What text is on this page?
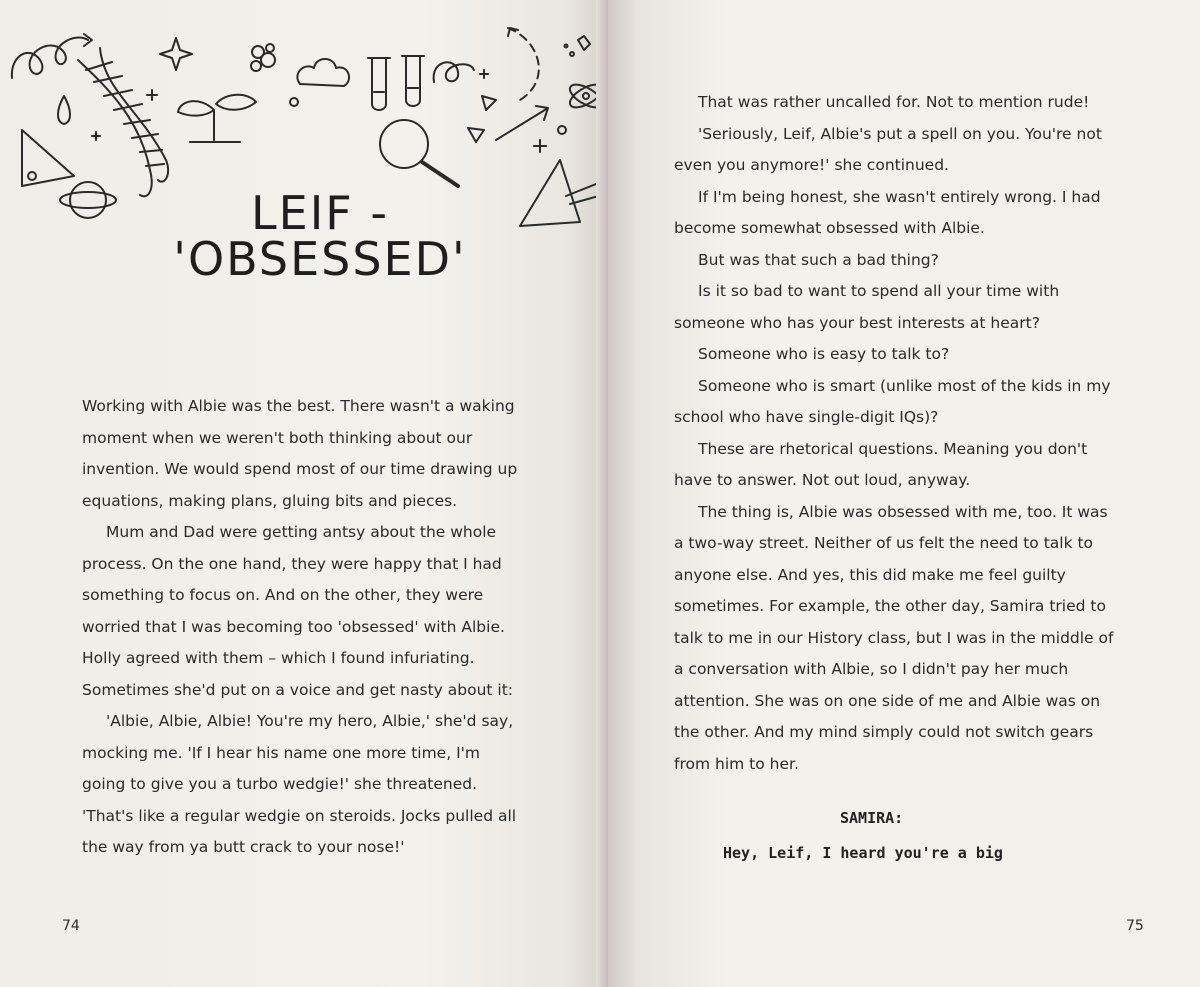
LEIF -
'OBSESSED'

Working with Albie was the best. There wasn't a waking moment when we weren't both thinking about our invention. We would spend most of our time drawing up equations, making plans, gluing bits and pieces.

Mum and Dad were getting antsy about the whole process. On the one hand, they were happy that I had something to focus on. And on the other, they were worried that I was becoming too 'obsessed' with Albie. Holly agreed with them – which I found infuriating. Sometimes she'd put on a voice and get nasty about it:

'Albie, Albie, Albie! You're my hero, Albie,' she'd say, mocking me. 'If I hear his name one more time, I'm going to give you a turbo wedgie!' she threatened. 'That's like a regular wedgie on steroids. Jocks pulled all the way from ya butt crack to your nose!'

74

That was rather uncalled for. Not to mention rude!

'Seriously, Leif, Albie's put a spell on you. You're not even you anymore!' she continued.

If I'm being honest, she wasn't entirely wrong. I had become somewhat obsessed with Albie.

But was that such a bad thing?

Is it so bad to want to spend all your time with someone who has your best interests at heart?

Someone who is easy to talk to?

Someone who is smart (unlike most of the kids in my school who have single-digit IQs)?

These are rhetorical questions. Meaning you don't have to answer. Not out loud, anyway.

The thing is, Albie was obsessed with me, too. It was a two-way street. Neither of us felt the need to talk to anyone else. And yes, this did make me feel guilty sometimes. For example, the other day, Samira tried to talk to me in our History class, but I was in the middle of a conversation with Albie, so I didn't pay her much attention. She was on one side of me and Albie was on the other. And my mind simply could not switch gears from him to her.

SAMIRA:
Hey, Leif, I heard you're a big
75
